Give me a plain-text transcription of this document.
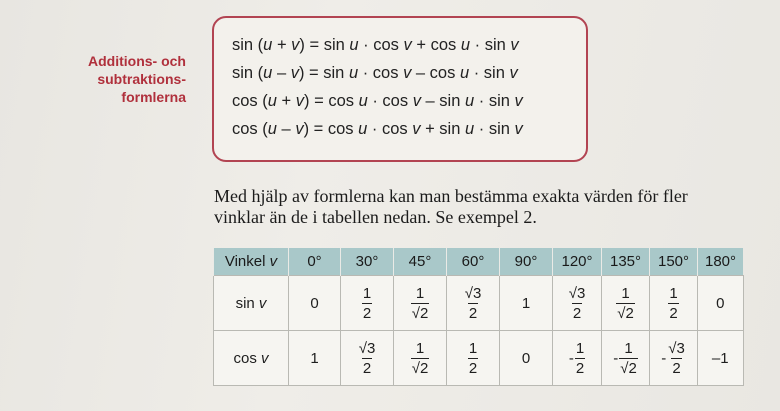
Additions- och
subtraktions-
formlerna
sin (u + v) = sin u · cos v + cos u · sin v
sin (u – v) = sin u · cos v – cos u · sin v
cos (u + v) = cos u · cos v – sin u · sin v
cos (u – v) = cos u · cos v + sin u · sin v
Med hjälp av formlerna kan man bestämma exakta värden för fler vinklar än de i tabellen nedan. Se exempel 2.
Vinkel v	0°	30°	45°	60°	90°	120°	135°	150°	180°
sin v	0	$\frac{1}{2}$	$\frac{1}{√2}$	$\frac{√3}{2}$	1	$\frac{√3}{2}$	$\frac{1}{√2}$	$\frac{1}{2}$	0
cos v	1	$\frac{√3}{2}$	$\frac{1}{√2}$	$\frac{1}{2}$	0	- $\frac{1}{2}$	- $\frac{1}{√2}$	- $\frac{√3}{2}$	–1
